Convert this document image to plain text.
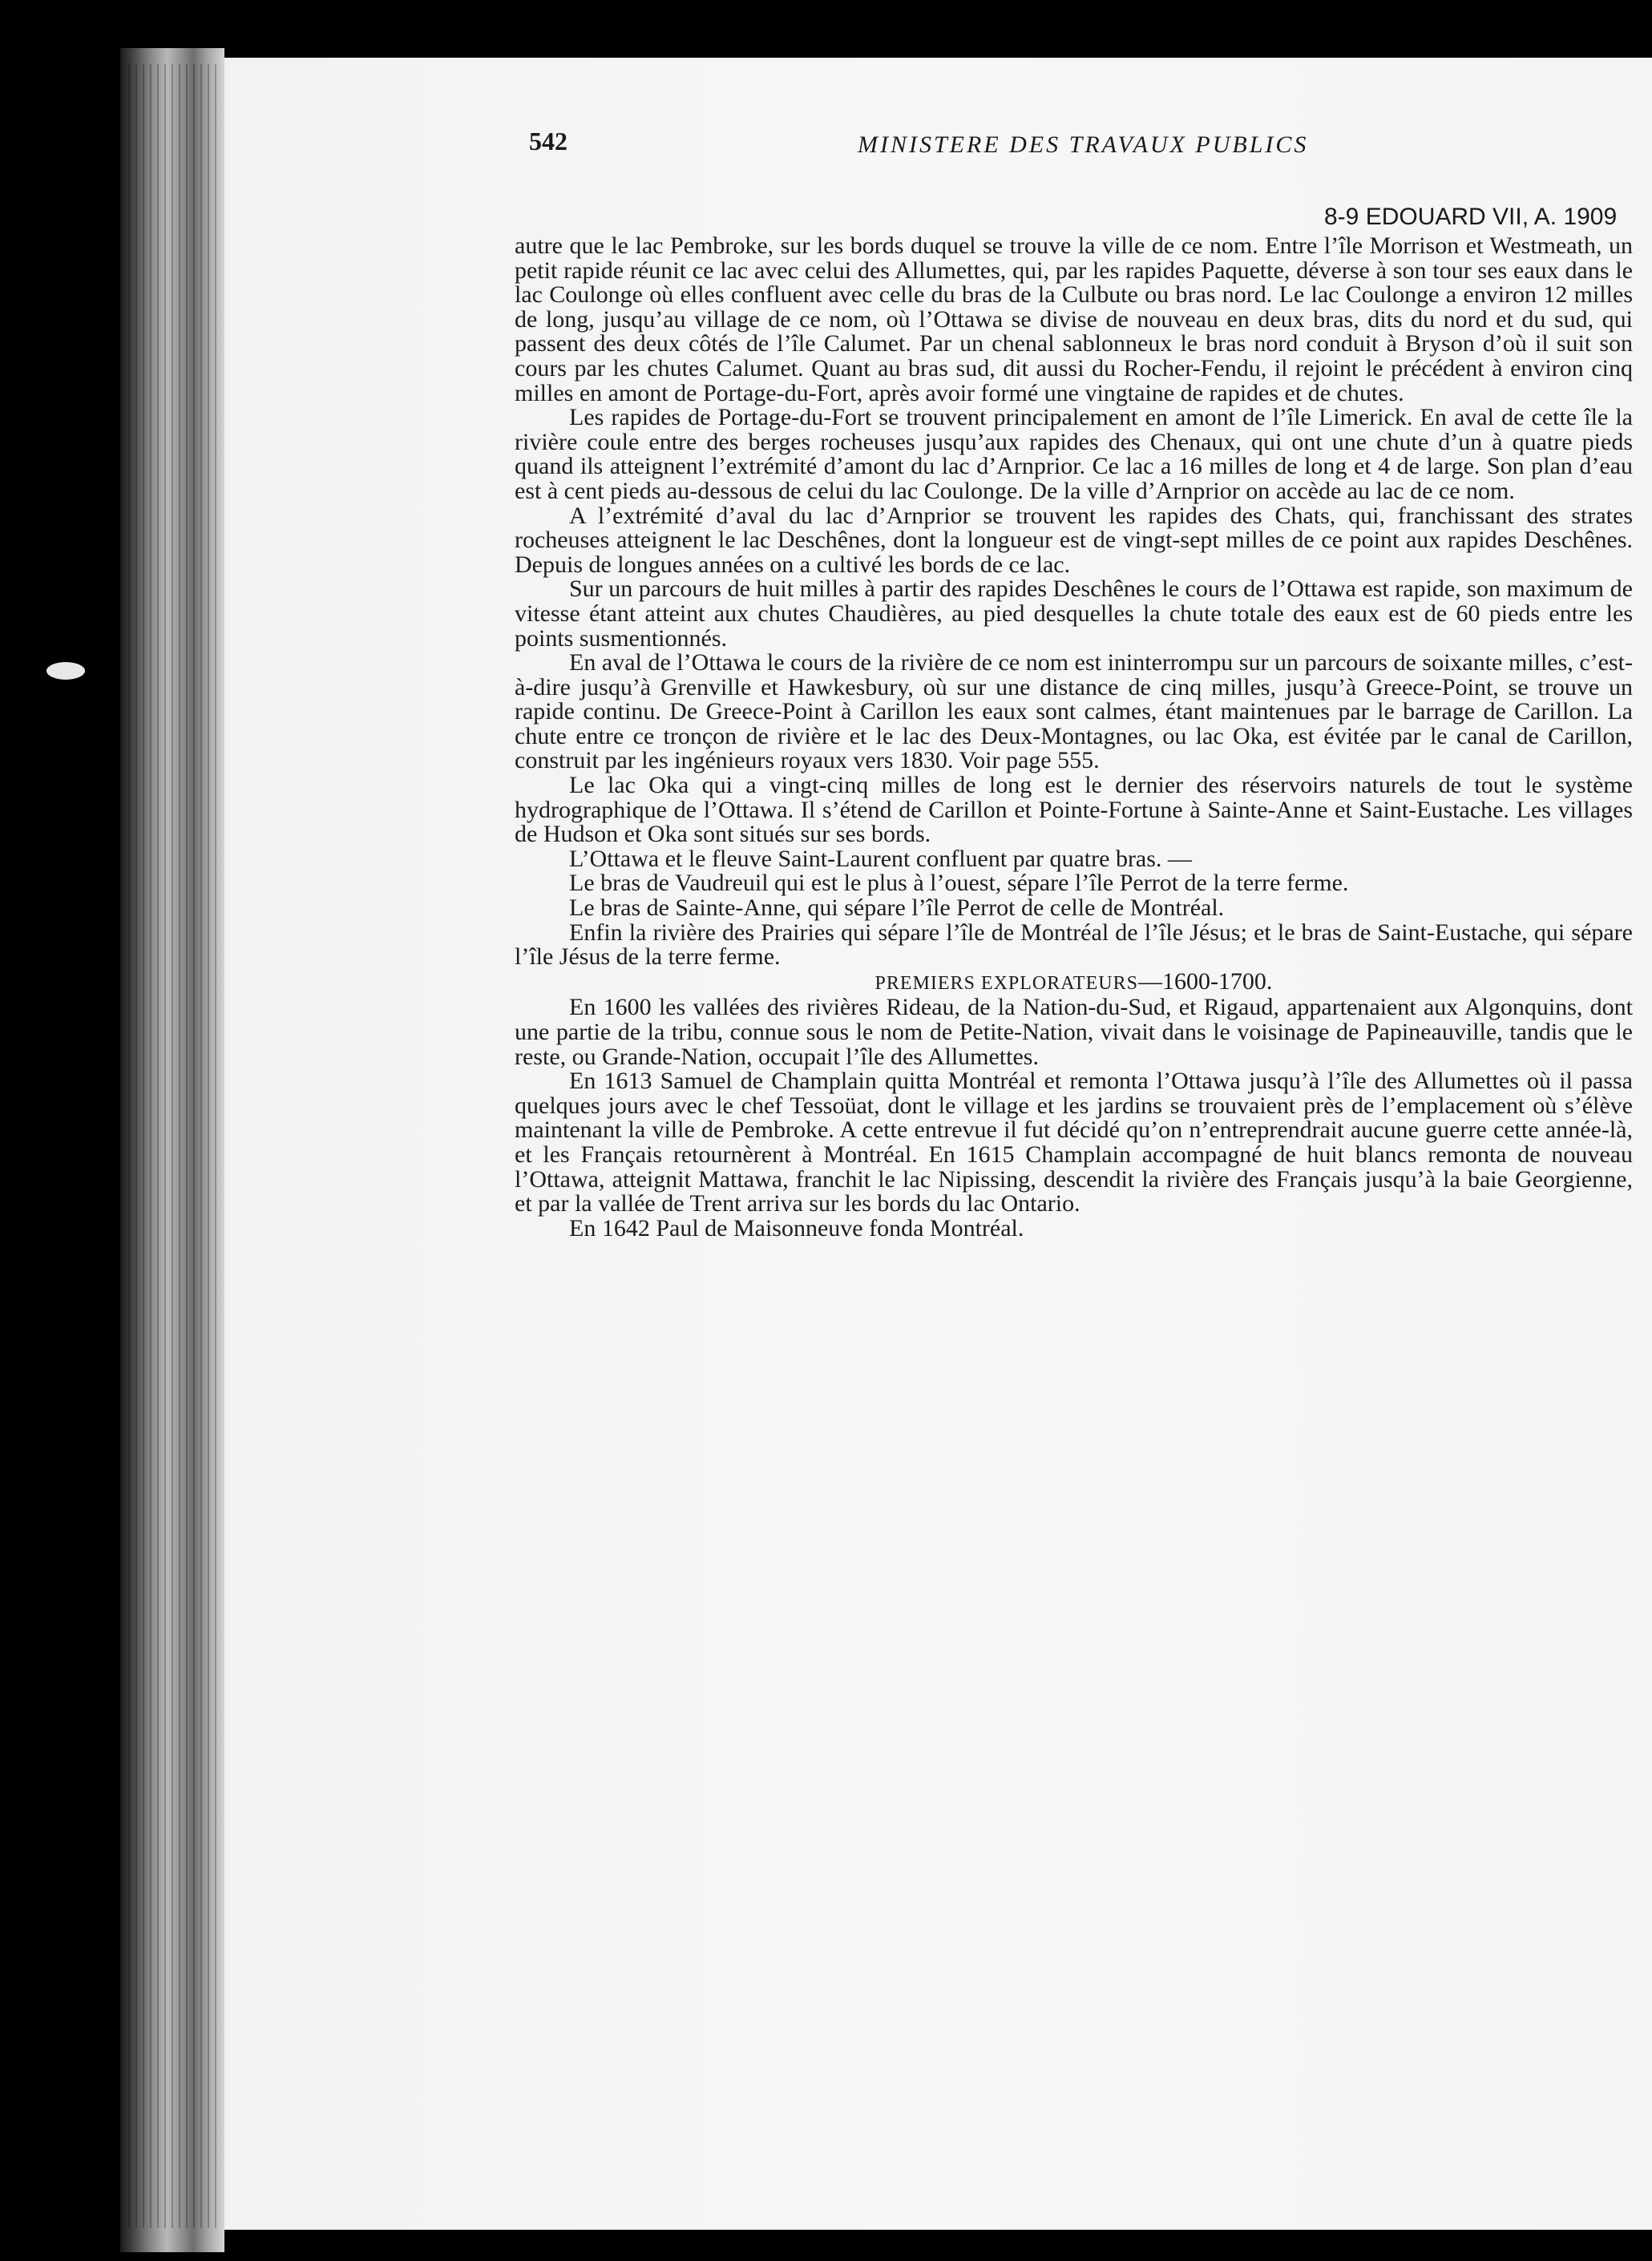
542	MINISTERE DES TRAVAUX PUBLICS
8-9 EDOUARD VII, A. 1909

autre que le lac Pembroke, sur les bords duquel se trouve la ville de ce nom. Entre l’île Morrison et Westmeath, un petit rapide réunit ce lac avec celui des Allumettes, qui, par les rapides Paquette, déverse à son tour ses eaux dans le lac Coulonge où elles confluent avec celle du bras de la Culbute ou bras nord. Le lac Coulonge a environ 12 milles de long, jusqu’au village de ce nom, où l’Ottawa se divise de nouveau en deux bras, dits du nord et du sud, qui passent des deux côtés de l’île Calumet. Par un chenal sablonneux le bras nord conduit à Bryson d’où il suit son cours par les chutes Calumet. Quant au bras sud, dit aussi du Rocher-Fendu, il rejoint le précédent à environ cinq milles en amont de Portage-du-Fort, après avoir formé une vingtaine de rapides et de chutes.

Les rapides de Portage-du-Fort se trouvent principalement en amont de l’île Limerick. En aval de cette île la rivière coule entre des berges rocheuses jusqu’aux rapides des Chenaux, qui ont une chute d’un à quatre pieds quand ils atteignent l’extrémité d’amont du lac d’Arnprior. Ce lac a 16 milles de long et 4 de large. Son plan d’eau est à cent pieds au-dessous de celui du lac Coulonge. De la ville d’Arnprior on accède au lac de ce nom.

A l’extrémité d’aval du lac d’Arnprior se trouvent les rapides des Chats, qui, franchissant des strates rocheuses atteignent le lac Deschênes, dont la longueur est de vingt-sept milles de ce point aux rapides Deschênes. Depuis de longues années on a cultivé les bords de ce lac.

Sur un parcours de huit milles à partir des rapides Deschênes le cours de l’Ottawa est rapide, son maximum de vitesse étant atteint aux chutes Chaudières, au pied desquelles la chute totale des eaux est de 60 pieds entre les points susmentionnés.

En aval de l’Ottawa le cours de la rivière de ce nom est ininterrompu sur un parcours de soixante milles, c’est-à-dire jusqu’à Grenville et Hawkesbury, où sur une distance de cinq milles, jusqu’à Greece-Point, se trouve un rapide continu. De Greece-Point à Carillon les eaux sont calmes, étant maintenues par le barrage de Carillon. La chute entre ce tronçon de rivière et le lac des Deux-Montagnes, ou lac Oka, est évitée par le canal de Carillon, construit par les ingénieurs royaux vers 1830. Voir page 555.

Le lac Oka qui a vingt-cinq milles de long est le dernier des réservoirs naturels de tout le système hydrographique de l’Ottawa. Il s’étend de Carillon et Pointe-Fortune à Sainte-Anne et Saint-Eustache. Les villages de Hudson et Oka sont situés sur ses bords.

L’Ottawa et le fleuve Saint-Laurent confluent par quatre bras. —

Le bras de Vaudreuil qui est le plus à l’ouest, sépare l’île Perrot de la terre ferme.

Le bras de Sainte-Anne, qui sépare l’île Perrot de celle de Montréal.

Enfin la rivière des Prairies qui sépare l’île de Montréal de l’île Jésus; et le bras de Saint-Eustache, qui sépare l’île Jésus de la terre ferme.

PREMIERS EXPLORATEURS—1600-1700.

En 1600 les vallées des rivières Rideau, de la Nation-du-Sud, et Rigaud, appartenaient aux Algonquins, dont une partie de la tribu, connue sous le nom de Petite-Nation, vivait dans le voisinage de Papineauville, tandis que le reste, ou Grande-Nation, occupait l’île des Allumettes.

En 1613 Samuel de Champlain quitta Montréal et remonta l’Ottawa jusqu’à l’île des Allumettes où il passa quelques jours avec le chef Tessoüat, dont le village et les jardins se trouvaient près de l’emplacement où s’élève maintenant la ville de Pembroke. A cette entrevue il fut décidé qu’on n’entreprendrait aucune guerre cette année-là, et les Français retournèrent à Montréal. En 1615 Champlain accompagné de huit blancs remonta de nouveau l’Ottawa, atteignit Mattawa, franchit le lac Nipissing, descendit la rivière des Français jusqu’à la baie Georgienne, et par la vallée de Trent arriva sur les bords du lac Ontario.

En 1642 Paul de Maisonneuve fonda Montréal.
